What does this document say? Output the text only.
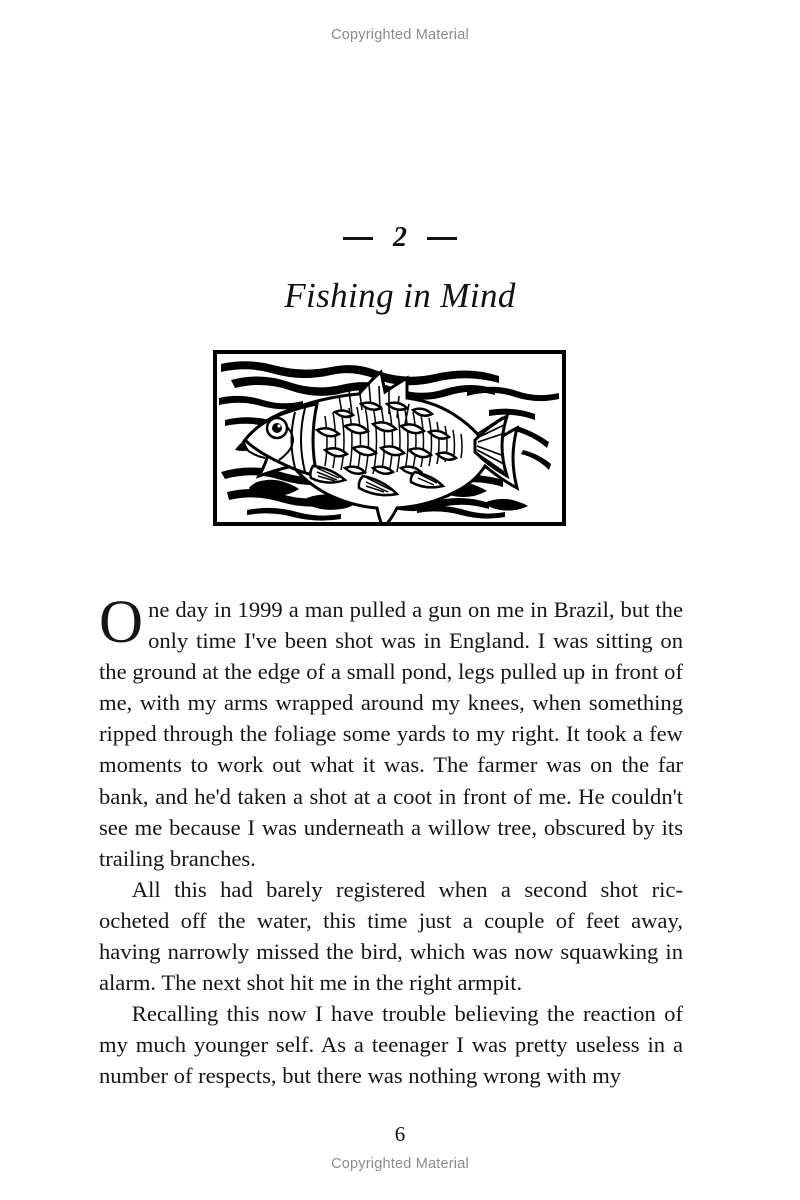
Copyrighted Material
2
Fishing in Mind

One day in 1999 a man pulled a gun on me in Brazil, but the only time I've been shot was in England. I was sitting on the ground at the edge of a small pond, legs pulled up in front of me, with my arms wrapped around my knees, when something ripped through the foliage some yards to my right. It took a few moments to work out what it was. The farmer was on the far bank, and he'd taken a shot at a coot in front of me. He couldn't see me because I was underneath a willow tree, obscured by its trailing branches.

All this had barely registered when a second shot ric-ocheted off the water, this time just a couple of feet away, having narrowly missed the bird, which was now squawking in alarm. The next shot hit me in the right armpit.

Recalling this now I have trouble believing the reaction of my much younger self. As a teenager I was pretty useless in a number of respects, but there was nothing wrong with my

6
Copyrighted Material
